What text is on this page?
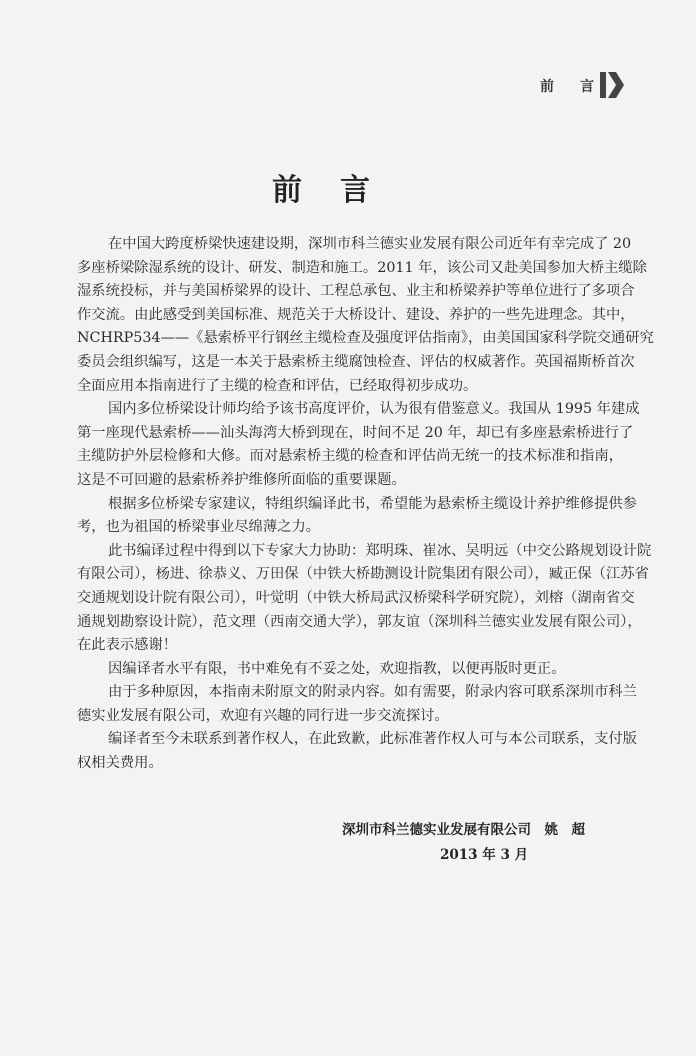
前　言
前言
在中国大跨度桥梁快速建设期，深圳市科兰德实业发展有限公司近年有幸完成了 20
多座桥梁除湿系统的设计、研发、制造和施工。2011 年，该公司又赴美国参加大桥主缆除
湿系统投标，并与美国桥梁界的设计、工程总承包、业主和桥梁养护等单位进行了多项合
作交流。由此感受到美国标准、规范关于大桥设计、建设、养护的一些先进理念。其中，
NCHRP534——《悬索桥平行钢丝主缆检查及强度评估指南》，由美国国家科学院交通研究
委员会组织编写，这是一本关于悬索桥主缆腐蚀检查、评估的权威著作。英国福斯桥首次
全面应用本指南进行了主缆的检查和评估，已经取得初步成功。
国内多位桥梁设计师均给予该书高度评价，认为很有借鉴意义。我国从 1995 年建成
第一座现代悬索桥——汕头海湾大桥到现在，时间不足 20 年，却已有多座悬索桥进行了
主缆防护外层检修和大修。而对悬索桥主缆的检查和评估尚无统一的技术标准和指南，
这是不可回避的悬索桥养护维修所面临的重要课题。
根据多位桥梁专家建议，特组织编译此书，希望能为悬索桥主缆设计养护维修提供参
考，也为祖国的桥梁事业尽绵薄之力。
此书编译过程中得到以下专家大力协助：郑明珠、崔冰、吴明远（中交公路规划设计院
有限公司），杨进、徐恭义、万田保（中铁大桥勘测设计院集团有限公司），臧正保（江苏省
交通规划设计院有限公司），叶觉明（中铁大桥局武汉桥梁科学研究院），刘榕（湖南省交
通规划勘察设计院），范文理（西南交通大学），郭友谊（深圳科兰德实业发展有限公司），
在此表示感谢！
因编译者水平有限，书中难免有不妥之处，欢迎指教，以便再版时更正。
由于多种原因，本指南未附原文的附录内容。如有需要，附录内容可联系深圳市科兰
德实业发展有限公司，欢迎有兴趣的同行进一步交流探讨。
编译者至今未联系到著作权人，在此致歉，此标准著作权人可与本公司联系，支付版
权相关费用。
深圳市科兰德实业发展有限公司　姚　超
2013 年 3 月
